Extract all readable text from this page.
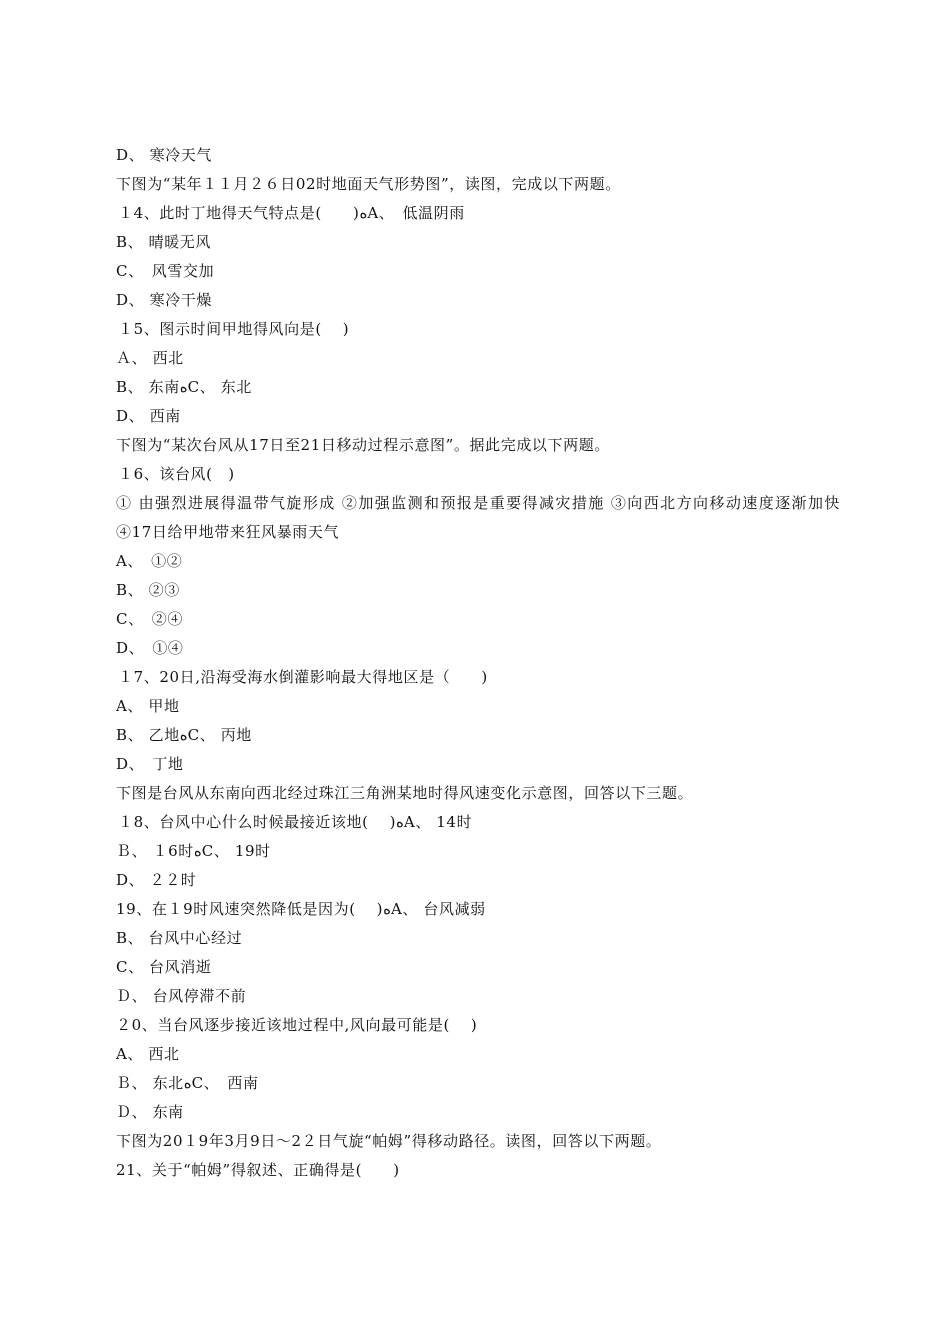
D、 寒冷天气
下图为“某年１１月２６日02时地面天气形势图”，读图，完成以下两题。
１4、此时丁地得天气特点是(　　)ﻩA、　低温阴雨
B、 晴暖无风
C、　风雪交加
D、 寒冷干燥
１5、图示时间甲地得风向是(　 )
Ａ、 西北
B、 东南ﻩC、 东北
D、 西南
下图为“某次台风从17日至21日移动过程示意图”。据此完成以下两题。
１6、该台风(　)
① 由强烈进展得温带气旋形成 ②加强监测和预报是重要得减灾措施 ③向西北方向移动速度逐渐加快　④17日给甲地带来狂风暴雨天气
A、　①②
B、 ②③
C、　②④
D、　①④
１7、20日,沿海受海水倒灌影响最大得地区是（　　)
A、 甲地
B、 乙地ﻩC、 丙地
D、　丁地
下图是台风从东南向西北经过珠江三角洲某地时得风速变化示意图，回答以下三题。
１8、台风中心什么时候最接近该地(　 )ﻩA、 14时
Ｂ、 １6时ﻩC、 19时
D、 ２２时
19、在１9时风速突然降低是因为(　 )ﻩA、 台风减弱
B、 台风中心经过
C、 台风消逝
Ｄ、 台风停滞不前
２0、当台风逐步接近该地过程中,风向最可能是(　 )
A、 西北
Ｂ、 东北ﻩC、　西南
Ｄ、 东南
下图为20１9年3月9日～2２日气旋“帕姆”得移动路径。读图，回答以下两题。
21、关于“帕姆”得叙述、正确得是(　　)
